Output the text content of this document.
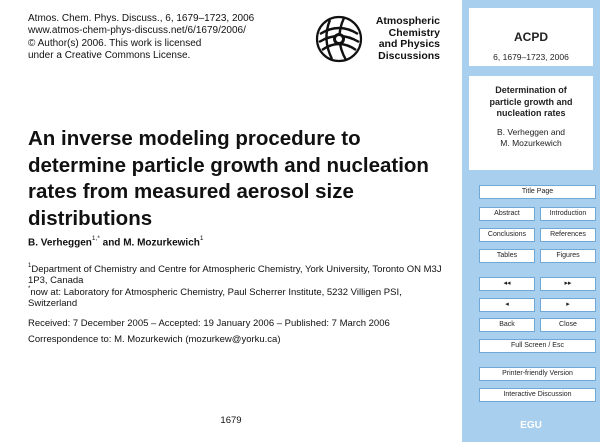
Atmos. Chem. Phys. Discuss., 6, 1679–1723, 2006
www.atmos-chem-phys-discuss.net/6/1679/2006/
© Author(s) 2006. This work is licensed
under a Creative Commons License.
Atmospheric
Chemistry
and Physics
Discussions
An inverse modeling procedure to determine particle growth and nucleation rates from measured aerosol size distributions
B. Verheggen$^{1,*}$ and M. Mozurkewich$^1$
$^1$Department of Chemistry and Centre for Atmospheric Chemistry, York University, Toronto ON M3J 1P3, Canada
*now at: Laboratory for Atmospheric Chemistry, Paul Scherrer Institute, 5232 Villigen PSI, Switzerland
Received: 7 December 2005 – Accepted: 19 January 2006 – Published: 7 March 2006
Correspondence to: M. Mozurkewich (mozurkew@yorku.ca)
1679
ACPD
6, 1679–1723, 2006
Determination of
particle growth and
nucleation rates
B. Verheggen and
M. Mozurkewich
Title Page
Abstract	Introduction
Conclusions	References
Tables	Figures
◂◂	▸▸
◂	▸
Back	Close
Full Screen / Esc
Printer-friendly Version
Interactive Discussion
EGU
